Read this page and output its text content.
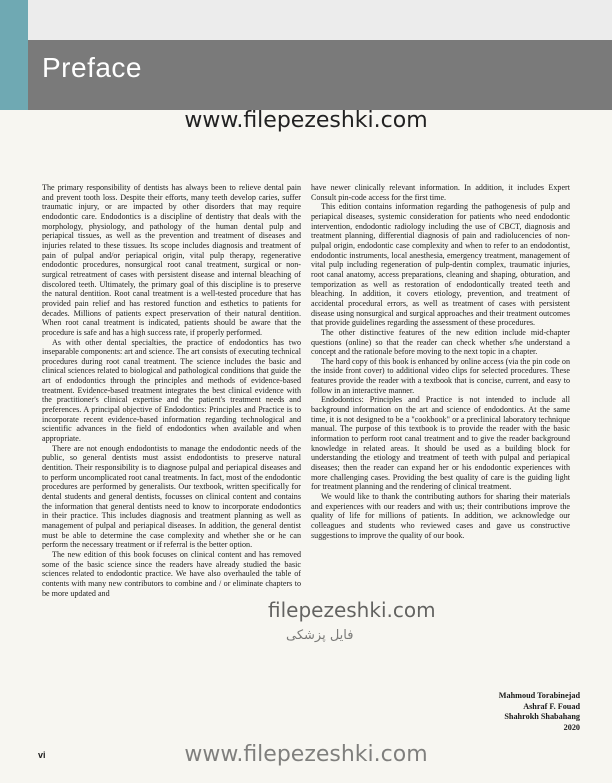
Preface
www.filepezeshki.com

The primary responsibility of dentists has always been to relieve dental pain and prevent tooth loss. Despite their efforts, many teeth develop caries, suffer traumatic injury, or are impacted by other disorders that may require endodontic care. Endodontics is a discipline of dentistry that deals with the morphology, physiology, and pathology of the human dental pulp and periapical tissues, as well as the prevention and treatment of diseases and injuries related to these tissues. Its scope includes diagnosis and treatment of pain of pulpal and/or periapical origin, vital pulp therapy, regenerative endodontic procedures, nonsurgical root canal treatment, surgical or non-surgical retreatment of cases with persistent disease and internal bleaching of discolored teeth. Ultimately, the primary goal of this discipline is to preserve the natural dentition. Root canal treatment is a well-tested procedure that has provided pain relief and has restored function and esthetics to patients for decades. Millions of patients expect preservation of their natural dentition. When root canal treatment is indicated, patients should be aware that the procedure is safe and has a high success rate, if properly performed.

As with other dental specialties, the practice of endodontics has two inseparable components: art and science. The art consists of executing technical procedures during root canal treatment. The science includes the basic and clinical sciences related to biological and pathological conditions that guide the art of endodontics through the principles and methods of evidence-based treatment. Evidence-based treatment integrates the best clinical evidence with the practitioner's clinical expertise and the patient's treatment needs and preferences. A principal objective of Endodontics: Principles and Practice is to incorporate recent evidence-based information regarding technological and scientific advances in the field of endodontics when available and when appropriate.

There are not enough endodontists to manage the endodontic needs of the public, so general dentists must assist endodontists to preserve natural dentition. Their responsibility is to diagnose pulpal and periapical diseases and to perform uncomplicated root canal treatments. In fact, most of the endodontic procedures are performed by generalists. Our textbook, written specifically for dental students and general dentists, focusses on clinical content and contains the information that general dentists need to know to incorporate endodontics in their practice. This includes diagnosis and treatment planning as well as management of pulpal and periapical diseases. In addition, the general dentist must be able to determine the case complexity and whether she or he can perform the necessary treatment or if referral is the better option.

The new edition of this book focuses on clinical content and has removed some of the basic science since the readers have already studied the basic sciences related to endodontic practice. We have also overhauled the table of contents with many new contributors to combine and / or eliminate chapters to be more updated and

have newer clinically relevant information. In addition, it includes Expert Consult pin-code access for the first time.

This edition contains information regarding the pathogenesis of pulp and periapical diseases, systemic consideration for patients who need endodontic intervention, endodontic radiology including the use of CBCT, diagnosis and treatment planning, differential diagnosis of pain and radiolucencies of non-pulpal origin, endodontic case complexity and when to refer to an endodontist, endodontic instruments, local anesthesia, emergency treatment, management of vital pulp including regeneration of pulp-dentin complex, traumatic injuries, root canal anatomy, access preparations, cleaning and shaping, obturation, and temporization as well as restoration of endodontically treated teeth and bleaching. In addition, it covers etiology, prevention, and treatment of accidental procedural errors, as well as treatment of cases with persistent disease using nonsurgical and surgical approaches and their treatment outcomes that provide guidelines regarding the assessment of these procedures.

The other distinctive features of the new edition include mid-chapter questions (online) so that the reader can check whether s/he understand a concept and the rationale before moving to the next topic in a chapter.

The hard copy of this book is enhanced by online access (via the pin code on the inside front cover) to additional video clips for selected procedures. These features provide the reader with a textbook that is concise, current, and easy to follow in an interactive manner.

Endodontics: Principles and Practice is not intended to include all background information on the art and science of endodontics. At the same time, it is not designed to be a "cookbook" or a preclinical laboratory technique manual. The purpose of this textbook is to provide the reader with the basic information to perform root canal treatment and to give the reader background knowledge in related areas. It should be used as a building block for understanding the etiology and treatment of teeth with pulpal and periapical diseases; then the reader can expand her or his endodontic experiences with more challenging cases. Providing the best quality of care is the guiding light for treatment planning and the rendering of clinical treatment.

We would like to thank the contributing authors for sharing their materials and experiences with our readers and with us; their contributions improve the quality of life for millions of patients. In addition, we acknowledge our colleagues and students who reviewed cases and gave us constructive suggestions to improve the quality of our book.

filepezeshki.com
فایل پزشکی
Mahmoud Torabinejad
Ashraf F. Fouad
Shahrokh Shabahang
2020
www.filepezeshki.com
vi
